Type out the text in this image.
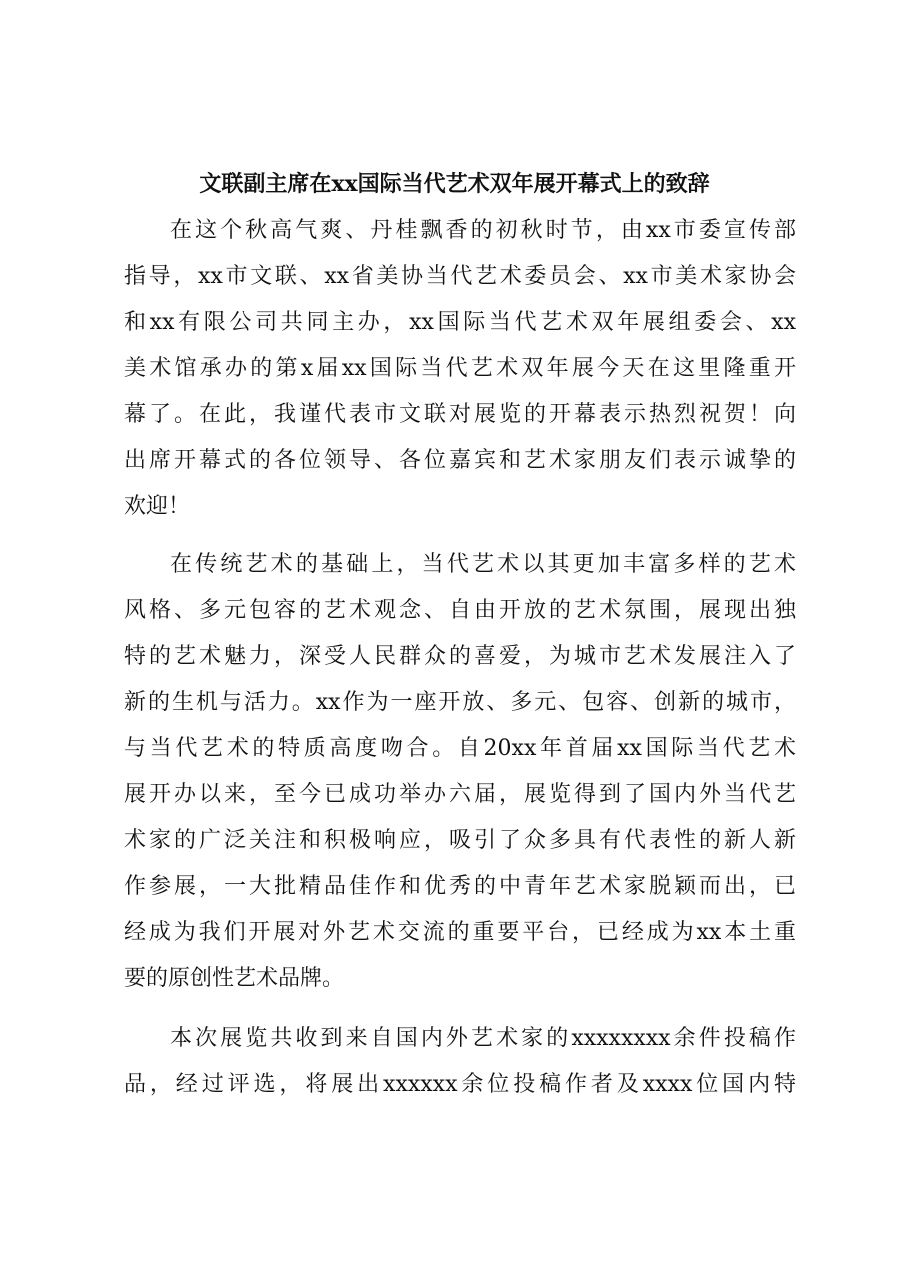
文联副主席在xx国际当代艺术双年展开幕式上的致辞

在这个秋高气爽、丹桂飘香的初秋时节，由xx市委宣传部
指导，xx市文联、xx省美协当代艺术委员会、xx市美术家协会
和xx有限公司共同主办，xx国际当代艺术双年展组委会、xx
美术馆承办的第x届xx国际当代艺术双年展今天在这里隆重开
幕了。在此，我谨代表市文联对展览的开幕表示热烈祝贺！向
出席开幕式的各位领导、各位嘉宾和艺术家朋友们表示诚挚的
欢迎！

在传统艺术的基础上，当代艺术以其更加丰富多样的艺术
风格、多元包容的艺术观念、自由开放的艺术氛围，展现出独
特的艺术魅力，深受人民群众的喜爱，为城市艺术发展注入了
新的生机与活力。xx作为一座开放、多元、包容、创新的城市，
与当代艺术的特质高度吻合。自20xx年首届xx国际当代艺术
展开办以来，至今已成功举办六届，展览得到了国内外当代艺
术家的广泛关注和积极响应，吸引了众多具有代表性的新人新
作参展，一大批精品佳作和优秀的中青年艺术家脱颖而出，已
经成为我们开展对外艺术交流的重要平台，已经成为xx本土重
要的原创性艺术品牌。

本次展览共收到来自国内外艺术家的xxxxxxxx余件投稿作
品，经过评选，将展出xxxxxx余位投稿作者及xxxx位国内特
